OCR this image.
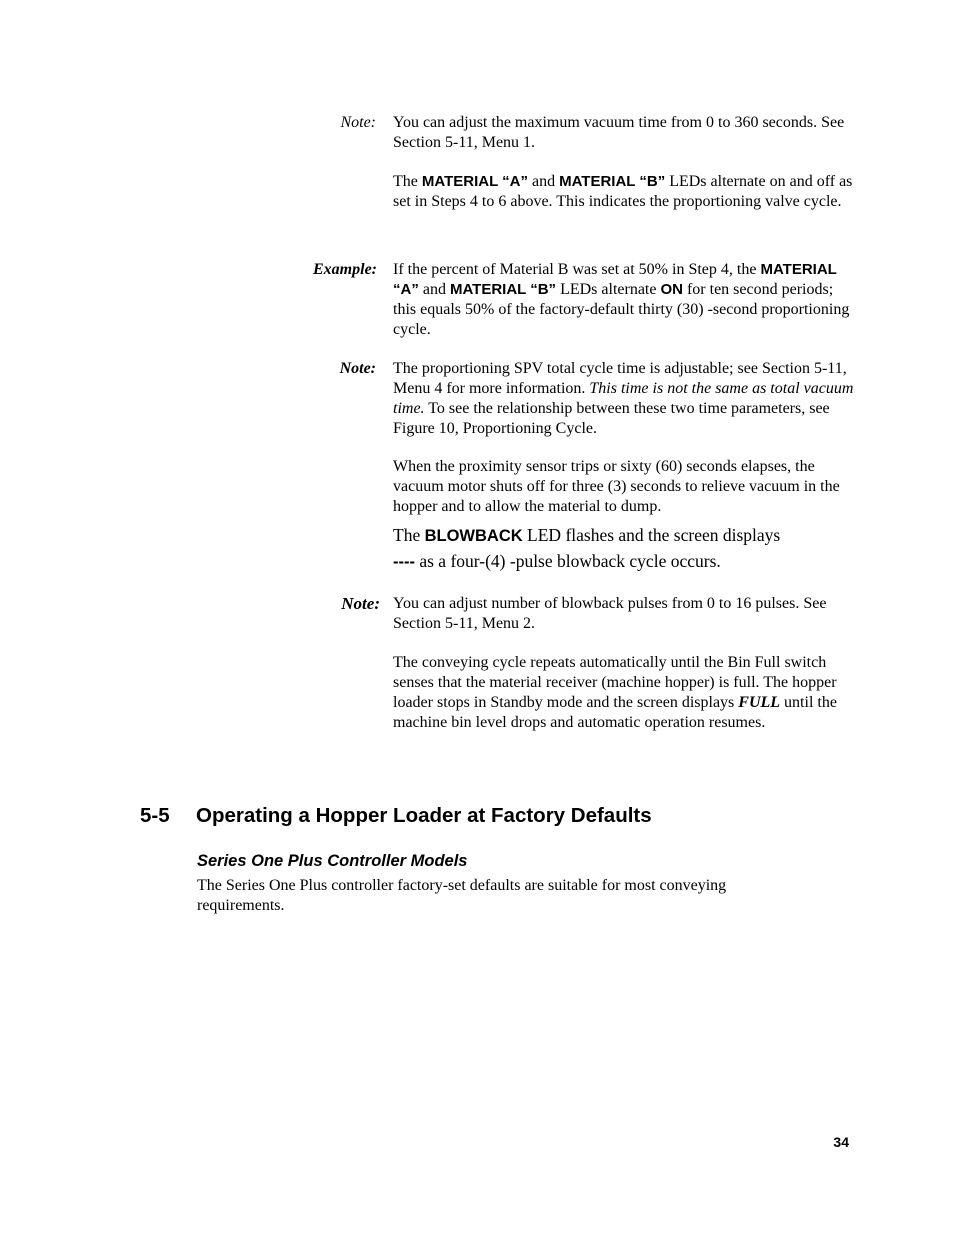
Note: You can adjust the maximum vacuum time from 0 to 360 seconds. See Section 5-11, Menu 1.

The MATERIAL “A” and MATERIAL “B” LEDs alternate on and off as set in Steps 4 to 6 above. This indicates the proportioning valve cycle.

Example: If the percent of Material B was set at 50% in Step 4, the MATERIAL “A” and MATERIAL “B” LEDs alternate ON for ten second periods; this equals 50% of the factory-default thirty (30) -second proportioning cycle.

Note: The proportioning SPV total cycle time is adjustable; see Section 5-11, Menu 4 for more information. This time is not the same as total vacuum time. To see the relationship between these two time parameters, see Figure 10, Proportioning Cycle.

When the proximity sensor trips or sixty (60) seconds elapses, the vacuum motor shuts off for three (3) seconds to relieve vacuum in the hopper and to allow the material to dump.

The BLOWBACK LED flashes and the screen displays
---- as a four-(4) -pulse blowback cycle occurs.

Note: You can adjust number of blowback pulses from 0 to 16 pulses. See Section 5-11, Menu 2.

The conveying cycle repeats automatically until the Bin Full switch senses that the material receiver (machine hopper) is full. The hopper loader stops in Standby mode and the screen displays FULL until the machine bin level drops and automatic operation resumes.

5-5 Operating a Hopper Loader at Factory Defaults
Series One Plus Controller Models

The Series One Plus controller factory-set defaults are suitable for most conveying requirements.

34
